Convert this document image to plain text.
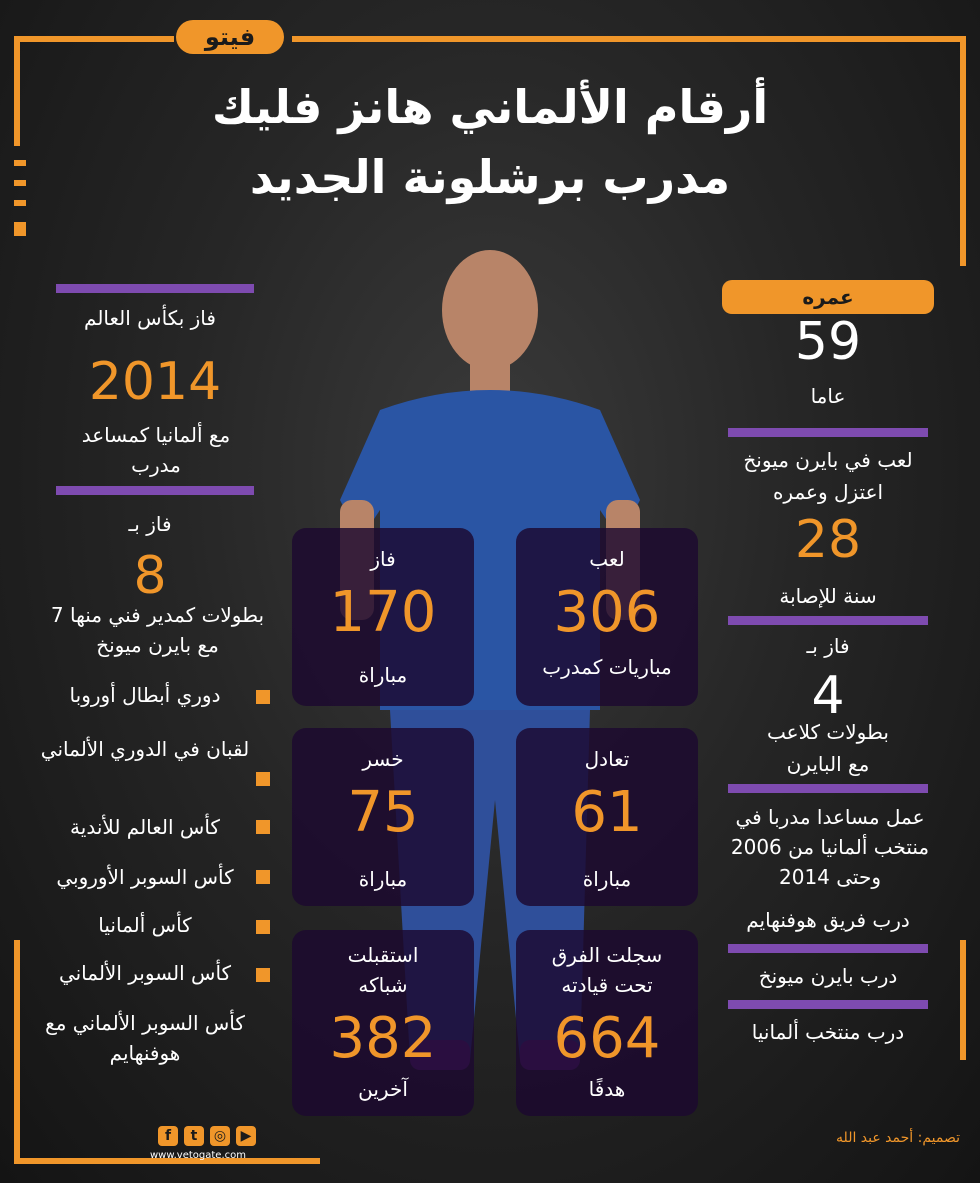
فيتو
أرقام الألماني هانز فليك
مدرب برشلونة الجديد
فاز بكأس العالم
2014
مع ألمانيا كمساعد مدرب
فاز بـ
8
بطولات كمدير فني منها 7 مع بايرن ميونخ
دوري أبطال أوروبا
لقبان في الدوري الألماني
كأس العالم للأندية
كأس السوبر الأوروبي
كأس ألمانيا
كأس السوبر الألماني
كأس السوبر الألماني مع هوفنهايم
عمره
59
عاما
لعب في بايرن ميونخ
اعتزل وعمره
28
سنة للإصابة
فاز بـ
4
بطولات كلاعب
مع البايرن
عمل مساعدا مدربا في منتخب ألمانيا من 2006 وحتى 2014
درب فريق هوفنهايم
درب بايرن ميونخ
درب منتخب ألمانيا
لعب
306
مباريات كمدرب
فاز
170
مباراة
تعادل
61
مباراة
خسر
75
مباراة
سجلت الفرق تحت قيادته
664
هدفًا
استقبلت شباكه
382
آخرين
f	t	◎	▶
www.vetogate.com
تصميم: أحمد عبد الله
